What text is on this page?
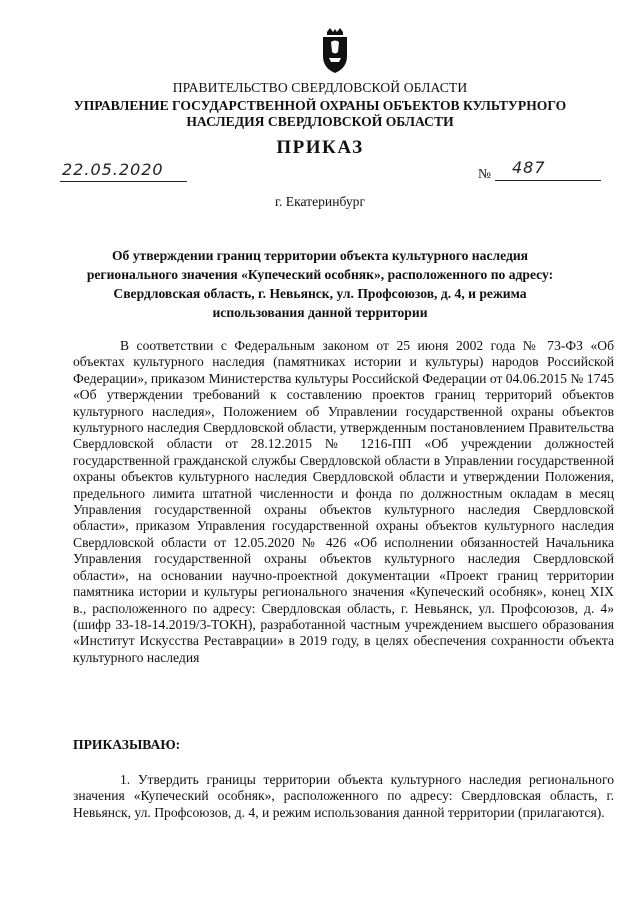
ПРАВИТЕЛЬСТВО СВЕРДЛОВСКОЙ ОБЛАСТИ
УПРАВЛЕНИЕ ГОСУДАРСТВЕННОЙ ОХРАНЫ ОБЪЕКТОВ КУЛЬТУРНОГО НАСЛЕДИЯ СВЕРДЛОВСКОЙ ОБЛАСТИ
ПРИКАЗ
22.05.2020	№ 487
г. Екатеринбург
Об утверждении границ территории объекта культурного наследия регионального значения «Купеческий особняк», расположенного по адресу: Свердловская область, г. Невьянск, ул. Профсоюзов, д. 4, и режима использования данной территории
В соответствии с Федеральным законом от 25 июня 2002 года № 73-ФЗ «Об объектах культурного наследия (памятниках истории и культуры) народов Российской Федерации», приказом Министерства культуры Российской Федерации от 04.06.2015 № 1745 «Об утверждении требований к составлению проектов границ территорий объектов культурного наследия», Положением об Управлении государственной охраны объектов культурного наследия Свердловской области, утвержденным постановлением Правительства Свердловской области от 28.12.2015 № 1216-ПП «Об учреждении должностей государственной гражданской службы Свердловской области в Управлении государственной охраны объектов культурного наследия Свердловской области и утверждении Положения, предельного лимита штатной численности и фонда по должностным окладам в месяц Управления государственной охраны объектов культурного наследия Свердловской области», приказом Управления государственной охраны объектов культурного наследия Свердловской области от 12.05.2020 № 426 «Об исполнении обязанностей Начальника Управления государственной охраны объектов культурного наследия Свердловской области», на основании научно-проектной документации «Проект границ территории памятника истории и культуры регионального значения «Купеческий особняк», конец XIX в., расположенного по адресу: Свердловская область, г. Невьянск, ул. Профсоюзов, д. 4» (шифр 33-18-14.2019/3-ТОКН), разработанной частным учреждением высшего образования «Институт Искусства Реставрации» в 2019 году, в целях обеспечения сохранности объекта культурного наследия
ПРИКАЗЫВАЮ:
1. Утвердить границы территории объекта культурного наследия регионального значения «Купеческий особняк», расположенного по адресу: Свердловская область, г. Невьянск, ул. Профсоюзов, д. 4, и режим использования данной территории (прилагаются).
